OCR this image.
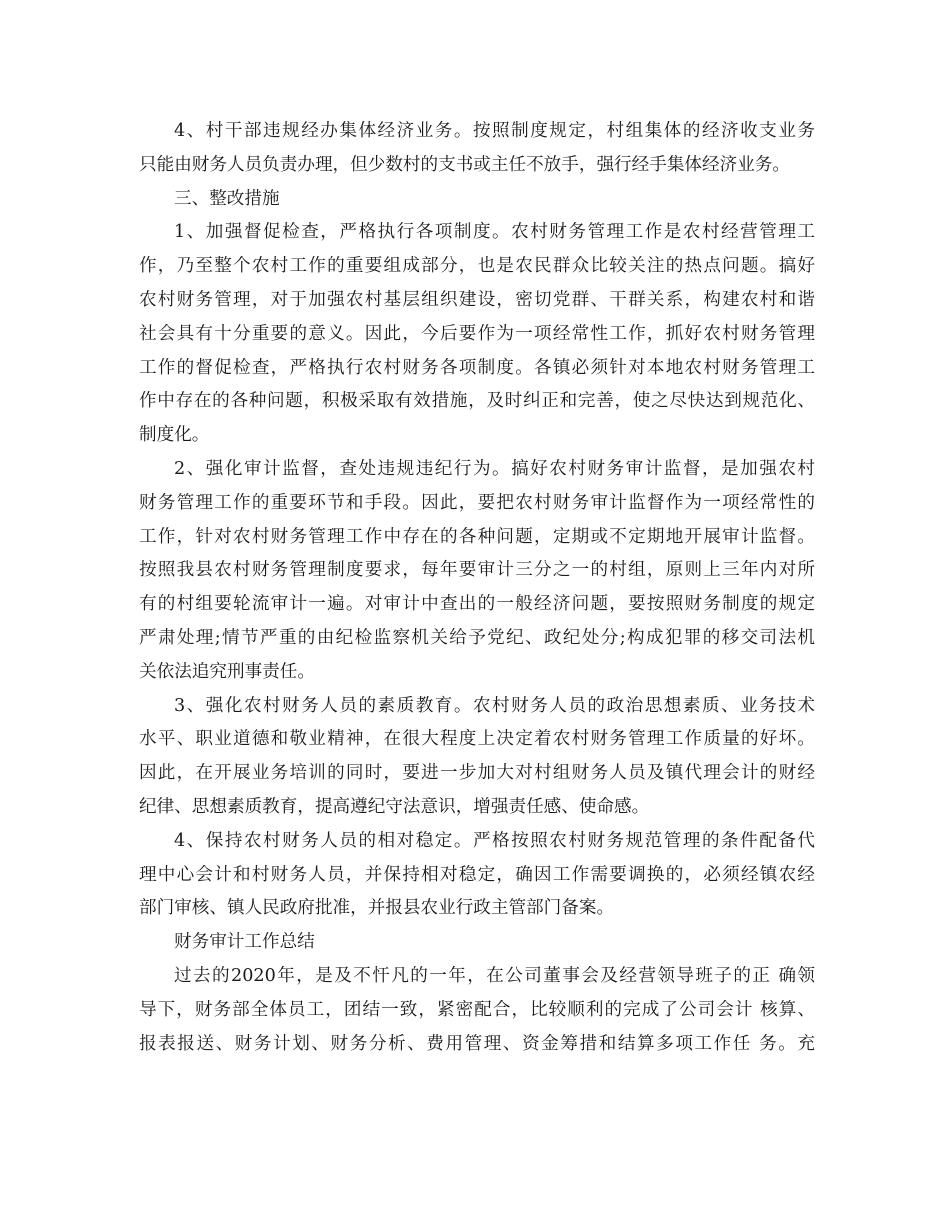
4、村干部违规经办集体经济业务。按照制度规定，村组集体的经济收支业务
只能由财务人员负责办理，但少数村的支书或主任不放手，强行经手集体经济业务。
三、整改措施
1、加强督促检查，严格执行各项制度。农村财务管理工作是农村经营管理工
作，乃至整个农村工作的重要组成部分，也是农民群众比较关注的热点问题。搞好
农村财务管理，对于加强农村基层组织建设，密切党群、干群关系，构建农村和谐
社会具有十分重要的意义。因此，今后要作为一项经常性工作，抓好农村财务管理
工作的督促检查，严格执行农村财务各项制度。各镇必须针对本地农村财务管理工
作中存在的各种问题，积极采取有效措施，及时纠正和完善，使之尽快达到规范化、
制度化。
2、强化审计监督，查处违规违纪行为。搞好农村财务审计监督，是加强农村
财务管理工作的重要环节和手段。因此，要把农村财务审计监督作为一项经常性的
工作，针对农村财务管理工作中存在的各种问题，定期或不定期地开展审计监督。
按照我县农村财务管理制度要求，每年要审计三分之一的村组，原则上三年内对所
有的村组要轮流审计一遍。对审计中查出的一般经济问题，要按照财务制度的规定
严肃处理;情节严重的由纪检监察机关给予党纪、政纪处分;构成犯罪的移交司法机
关依法追究刑事责任。
3、强化农村财务人员的素质教育。农村财务人员的政治思想素质、业务技术
水平、职业道德和敬业精神，在很大程度上决定着农村财务管理工作质量的好坏。
因此，在开展业务培训的同时，要进一步加大对村组财务人员及镇代理会计的财经
纪律、思想素质教育，提高遵纪守法意识，增强责任感、使命感。
4、保持农村财务人员的相对稳定。严格按照农村财务规范管理的条件配备代
理中心会计和村财务人员，并保持相对稳定，确因工作需要调换的，必须经镇农经
部门审核、镇人民政府批准，并报县农业行政主管部门备案。
财务审计工作总结
过去的2020年，是及不忓凡的一年，在公司董事会及经营领导班子的正 确领
导下，财务部全体员工，团结一致，紧密配合，比较顺利的完成了公司会计 核算、
报表报送、财务计划、财务分析、费用管理、资金筹措和结算多项工作任 务。充
